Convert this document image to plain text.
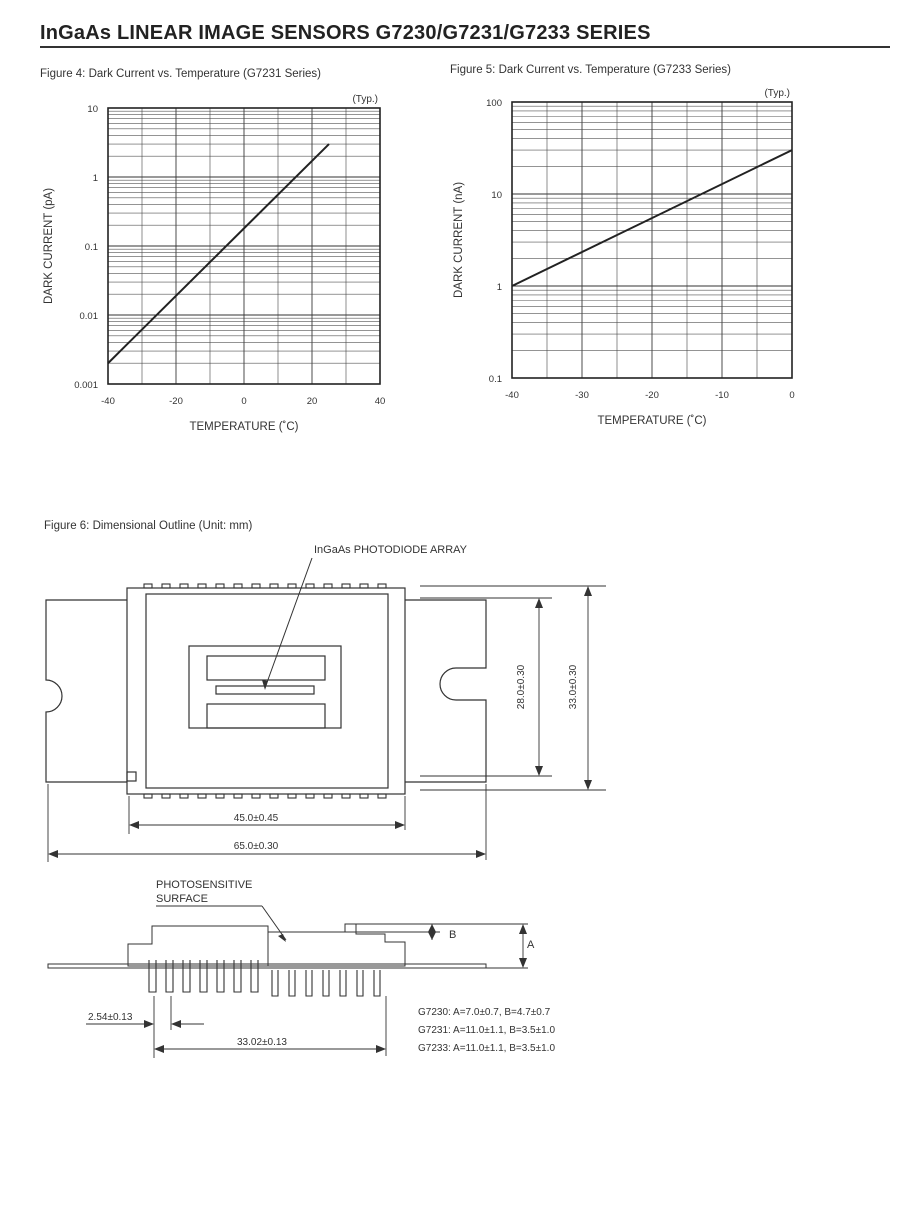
InGaAs LINEAR IMAGE SENSORS G7230/G7231/G7233 SERIES
Figure 4: Dark Current vs. Temperature (G7231 Series)
0.001
0.01
0.1
1
10
-40	-20	0	20	40
TEMPERATURE (˚C)
DARK CURRENT (pA)
(Typ.)
Figure 5: Dark Current vs. Temperature (G7233 Series)
0.1
1
10
100
-40	-30	-20	-10	0
TEMPERATURE (˚C)
DARK CURRENT (nA)
(Typ.)
Figure 6: Dimensional Outline (Unit: mm)
InGaAs PHOTODIODE ARRAY
28.0±0.30	33.0±0.30
45.0±0.45
65.0±0.30
PHOTOSENSITIVE
SURFACE
B
A
2.54±0.13
33.02±0.13
G7230: A=7.0±0.7, B=4.7±0.7
G7231: A=11.0±1.1, B=3.5±1.0
G7233: A=11.0±1.1, B=3.5±1.0
